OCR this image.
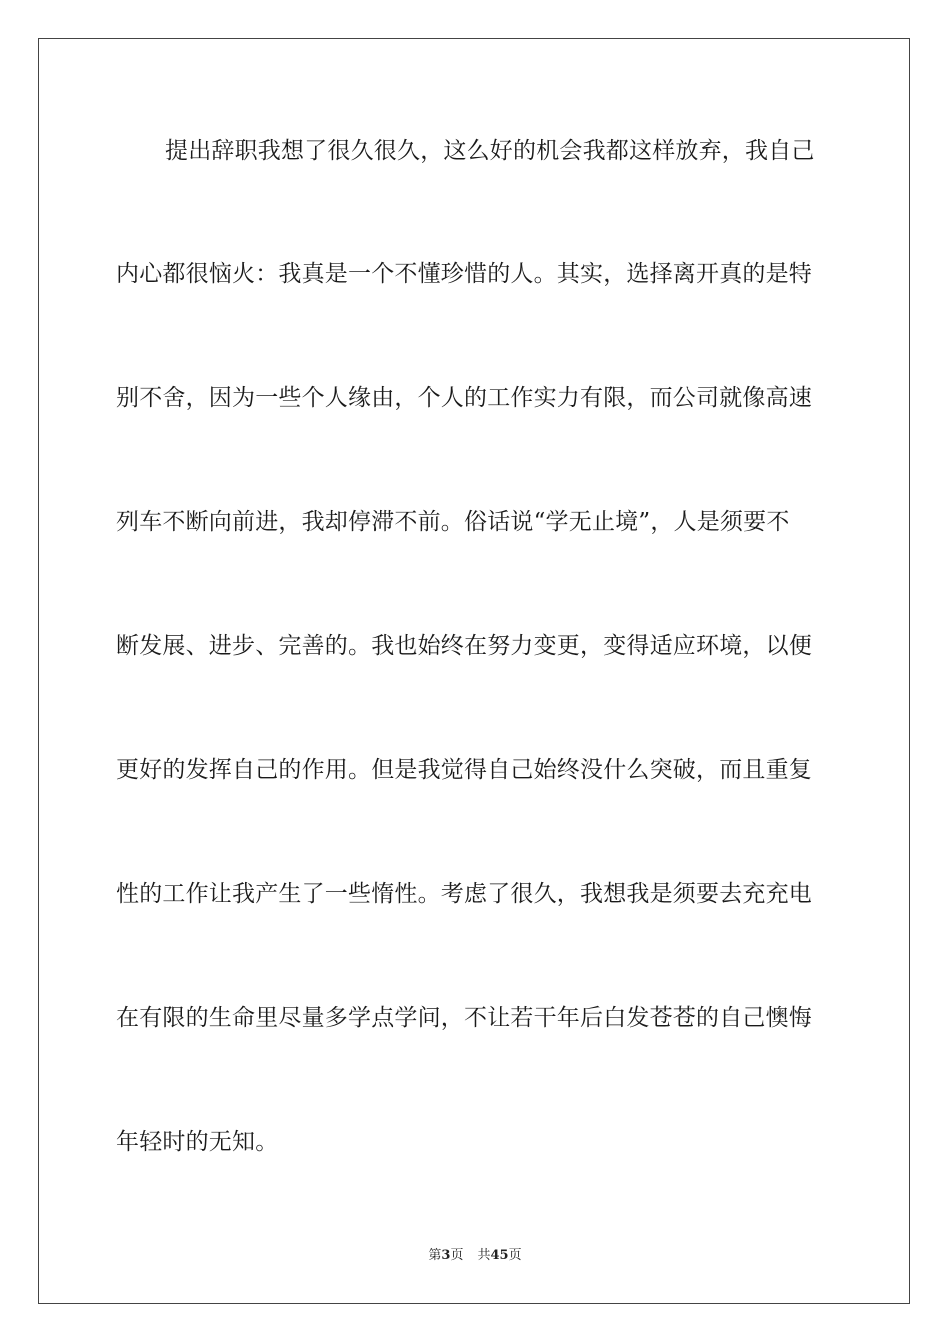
提出辞职我想了很久很久，这么好的机会我都这样放弃，我自己
内心都很恼火：我真是一个不懂珍惜的人。其实，选择离开真的是特
别不舍，因为一些个人缘由，个人的工作实力有限，而公司就像高速
列车不断向前进，我却停滞不前。俗话说“学无止境”，人是须要不
断发展、进步、完善的。我也始终在努力变更，变得适应环境，以便
更好的发挥自己的作用。但是我觉得自己始终没什么突破，而且重复
性的工作让我产生了一些惰性。考虑了很久，我想我是须要去充充电
在有限的生命里尽量多学点学问，不让若干年后白发苍苍的自己懊悔
年轻时的无知。
第3页 共45页
